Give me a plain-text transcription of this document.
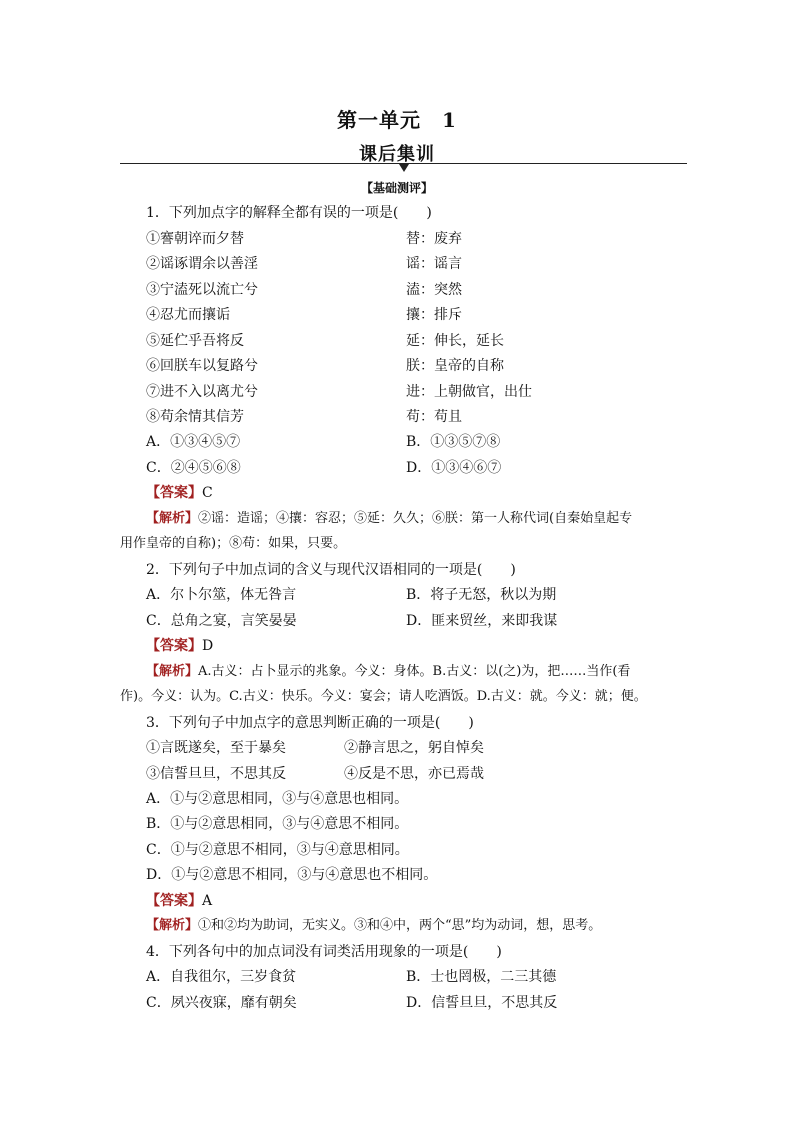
第一单元　1
课后集训
【基础测评】
1．下列加点字的解释全都有误的一项是(　　)
①謇朝谇而夕替	替：废弃
②谣诼谓余以善淫	谣：谣言
③宁溘死以流亡兮	溘：突然
④忍尤而攘诟	攘：排斥
⑤延伫乎吾将反	延：伸长，延长
⑥回朕车以复路兮	朕：皇帝的自称
⑦进不入以离尤兮	进：上朝做官，出仕
⑧苟余情其信芳	苟：苟且
A．①③④⑤⑦	B．①③⑤⑦⑧
C．②④⑤⑥⑧	D．①③④⑥⑦
【答案】C
【解析】②谣：造谣；④攘：容忍；⑤延：久久；⑥朕：第一人称代词(自秦始皇起专
用作皇帝的自称)；⑧苟：如果，只要。
2．下列句子中加点词的含义与现代汉语相同的一项是(　　)
A．尔卜尔筮，体无咎言	B．将子无怒，秋以为期
C．总角之宴，言笑晏晏	D．匪来贸丝，来即我谋
【答案】D
【解析】A.古义：占卜显示的兆象。今义：身体。B.古义：以(之)为，把……当作(看
作)。今义：认为。C.古义：快乐。今义：宴会；请人吃酒饭。D.古义：就。今义：就；便。
3．下列句子中加点字的意思判断正确的一项是(　　)
①言既遂矣，至于暴矣	②静言思之，躬自悼矣
③信誓旦旦，不思其反	④反是不思，亦已焉哉
A．①与②意思相同，③与④意思也相同。
B．①与②意思相同，③与④意思不相同。
C．①与②意思不相同，③与④意思相同。
D．①与②意思不相同，③与④意思也不相同。
【答案】A
【解析】①和②均为助词，无实义。③和④中，两个“思”均为动词，想，思考。
4．下列各句中的加点词没有词类活用现象的一项是(　　)
A．自我徂尔，三岁食贫	B．士也罔极，二三其德
C．夙兴夜寐，靡有朝矣	D．信誓旦旦，不思其反
